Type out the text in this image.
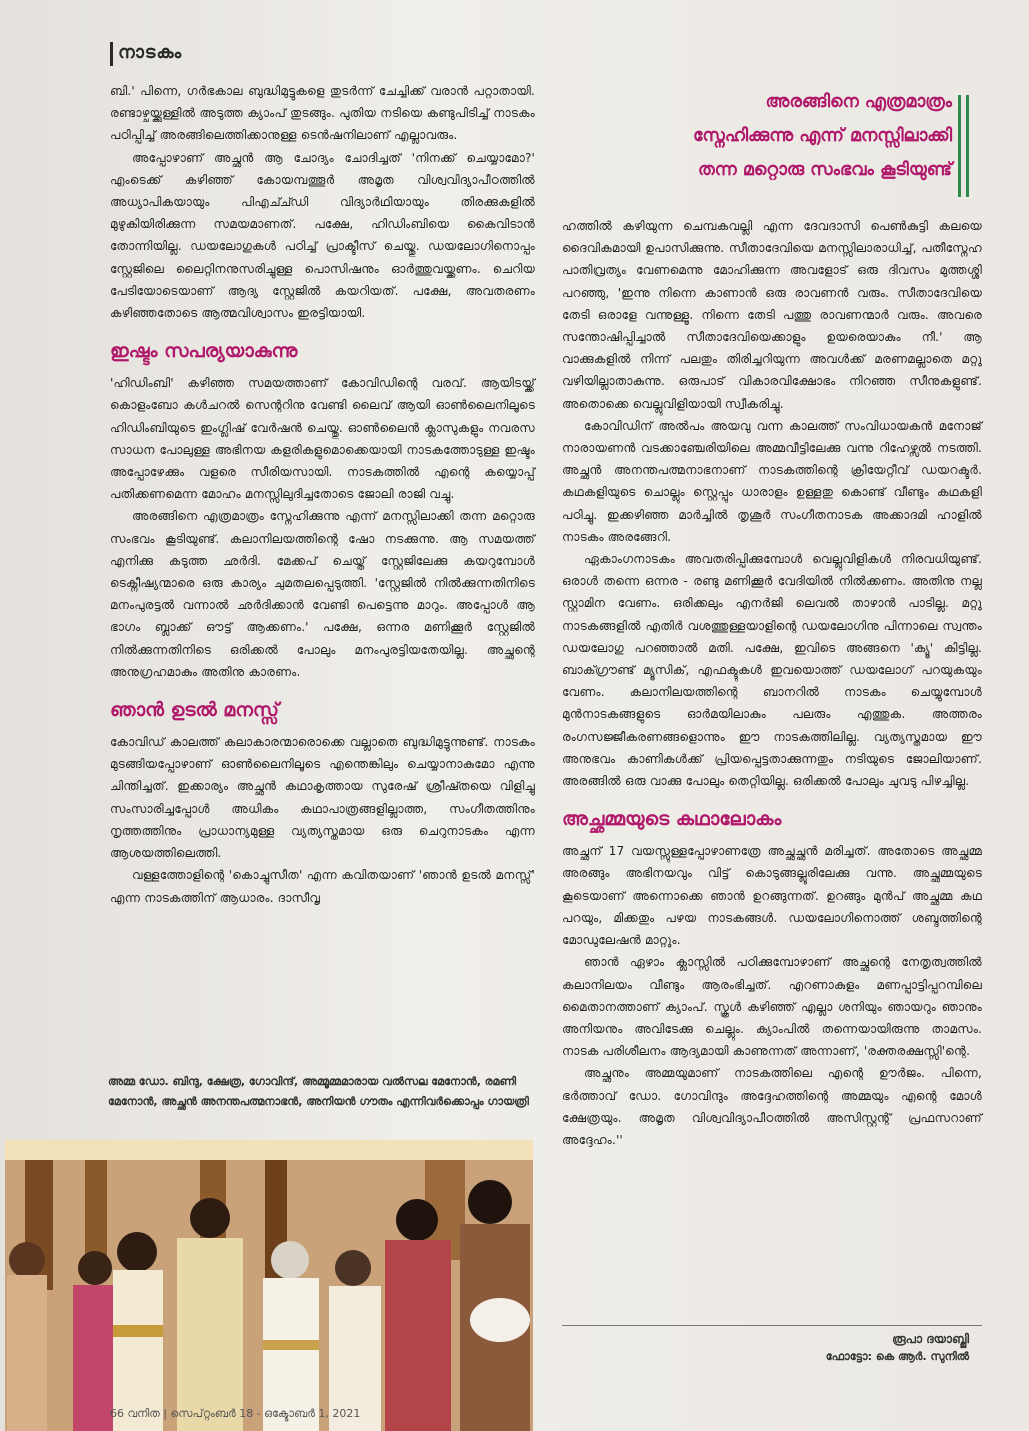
നാടകം
അരങ്ങിനെ എത്രമാത്രം
സ്നേഹിക്കുന്നു എന്ന് മനസ്സിലാക്കി
തന്ന മറ്റൊരു സംഭവം കൂടിയുണ്ട്

ബി.' പിന്നെ, ഗർഭകാല ബുദ്ധിമുട്ടുകളെ തുടർന്ന് ചേച്ചിക്ക് വരാൻ പറ്റാതായി. രണ്ടാഴ്ചയ്ക്കുള്ളിൽ അടുത്ത ക്യാംപ് തുടങ്ങും. പുതിയ നടിയെ കണ്ടുപിടിച്ച് നാടകം പഠിപ്പിച്ച് അരങ്ങിലെത്തിക്കാനുള്ള ടെൻഷനിലാണ് എല്ലാവരും.

അപ്പോഴാണ് അച്ഛൻ ആ ചോദ്യം ചോദിച്ചത് 'നിനക്ക് ചെയ്യാമോ?' എംടെക്ക് കഴിഞ്ഞ് കോയമ്പത്തൂർ അമൃത വിശ്വവിദ്യാപീഠത്തിൽ അധ്യാപികയായും പിഎച്ച്ഡി വിദ്യാർഥിയായും തിരക്കുകളിൽ മുഴുകിയിരിക്കുന്ന സമയമാണത്. പക്ഷേ, ഹിഡിംബിയെ കൈവിടാൻ തോന്നിയില്ല. ഡയലോഗുകൾ പഠിച്ച് പ്രാക്ടീസ് ചെയ്തു. ഡയലോഗിനൊപ്പം സ്റ്റേജിലെ ലൈറ്റിനനുസരിച്ചുള്ള പൊസിഷനും ഓർത്തുവയ്ക്കണം. ചെറിയ പേടിയോടെയാണ് ആദ്യ സ്റ്റേജിൽ കയറിയത്. പക്ഷേ, അവതരണം കഴിഞ്ഞതോടെ ആത്മവിശ്വാസം ഇരട്ടിയായി.

ഇഷ്ടം സപര്യയാകുന്നു

'ഹിഡിംബി' കഴിഞ്ഞ സമയത്താണ് കോവിഡിന്റെ വരവ്. ആയിടയ്ക്ക് കൊളംബോ കൾചറൽ സെന്ററിനു വേണ്ടി ലൈവ് ആയി ഓൺലൈനിലൂടെ ഹിഡിംബിയുടെ ഇംഗ്ലിഷ് വേർഷൻ ചെയ്തു. ഓൺലൈൻ ക്ലാസുകളും നവരസ സാധന പോലുള്ള അഭിനയ കളരികളുമൊക്കെയായി നാടകത്തോടുള്ള ഇഷ്ടം അപ്പോഴേക്കും വളരെ സീരിയസായി. നാടകത്തിൽ എന്റെ കയ്യൊപ്പ് പതിക്കണമെന്ന മോഹം മനസ്സിലുദിച്ചതോടെ ജോലി രാജി വച്ചു.

അരങ്ങിനെ എത്രമാത്രം സ്നേഹിക്കുന്നു എന്ന് മനസ്സിലാക്കി തന്ന മറ്റൊരു സംഭവം കൂടിയുണ്ട്. കലാനിലയത്തിന്റെ ഷോ നടക്കുന്നു. ആ സമയത്ത് എനിക്കു കടുത്ത ഛർദി. മേക്കപ് ചെയ്ത് സ്റ്റേജിലേക്കു കയറുമ്പോൾ ടെക്നീഷ്യന്മാരെ ഒരു കാര്യം ചുമതലപ്പെടുത്തി. 'സ്റ്റേജിൽ നിൽക്കുന്നതിനിടെ മനംപുരട്ടൽ വന്നാൽ ഛർദിക്കാൻ വേണ്ടി പെട്ടെന്നു മാറും. അപ്പോൾ ആ ഭാഗം ബ്ലാക്ക് ഔട്ട് ആക്കണം.' പക്ഷേ, ഒന്നര മണിക്കൂർ സ്റ്റേജിൽ നിൽക്കുന്നതിനിടെ ഒരിക്കൽ പോലും മനംപുരട്ടിയതേയില്ല. അച്ഛന്റെ അനുഗ്രഹമാകും അതിനു കാരണം.

ഞാൻ ഉടൽ മനസ്സ്

കോവിഡ് കാലത്ത് കലാകാരന്മാരൊക്കെ വല്ലാതെ ബുദ്ധിമുട്ടുന്നുണ്ട്. നാടകം മുടങ്ങിയപ്പോഴാണ് ഓൺലൈനിലൂടെ എന്തെങ്കിലും ചെയ്യാനാകുമോ എന്നു ചിന്തിച്ചത്. ഇക്കാര്യം അച്ഛൻ കഥാകൃത്തായ സുരേഷ് ശ്രീഷ്തയെ വിളിച്ചു സംസാരിച്ചപ്പോൾ അധികം കഥാപാത്രങ്ങളില്ലാത്ത, സംഗീതത്തിനും നൃത്തത്തിനും പ്രാധാന്യമുള്ള വ്യത്യസ്തമായ ഒരു ചെറുനാടകം എന്ന ആശയത്തിലെത്തി.

വള്ളത്തോളിന്റെ 'കൊച്ചുസീത' എന്ന കവിതയാണ് 'ഞാൻ ഉടൽ മനസ്സ്' എന്ന നാടകത്തിന് ആധാരം. ദാസീവൃ

അമ്മ ഡോ. ബിന്ദു, ക്ഷേത്ര, ഗോവിന്ദ്, അമ്മൂമ്മമാരായ വൽസല മേനോൻ, രമണി മേനോൻ, അച്ഛൻ അനന്തപത്മനാഭൻ, അനിയൻ ഗൗതം എന്നിവർക്കൊപ്പം ഗായത്രി
66 വനിത | സെപ്റ്റംബർ 18 - ഒക്ടോബർ 1, 2021

ഹത്തിൽ കഴിയുന്ന ചെമ്പകവല്ലി എന്ന ദേവദാസി പെൺകുട്ടി കലയെ ദൈവികമായി ഉപാസിക്കുന്നു. സീതാദേവിയെ മനസ്സിലാരാധിച്ച്, പതീസ്നേഹ പാതിവ്രത്യം വേണമെന്നു മോഹിക്കുന്ന അവളോട് ഒരു ദിവസം മുത്തശ്ശി പറഞ്ഞു, 'ഇന്നു നിന്നെ കാണാൻ ഒരു രാവണൻ വരും. സീതാദേവിയെ തേടി ഒരാളേ വന്നുള്ളൂ. നിന്നെ തേടി പത്തു രാവണന്മാർ വരും. അവരെ സന്തോഷിപ്പിച്ചാൽ സീതാദേവിയെക്കാളും ഉയരെയാകും നീ.' ആ വാക്കുകളിൽ നിന്ന് പലതും തിരിച്ചറിയുന്ന അവൾക്ക് മരണമല്ലാതെ മറ്റു വഴിയില്ലാതാകുന്നു. ഒരുപാട് വികാരവിക്ഷോഭം നിറഞ്ഞ സീനുകളുണ്ട്. അതൊക്കെ വെല്ലുവിളിയായി സ്വീകരിച്ചു.

കോവിഡിന് അൽപം അയവു വന്ന കാലത്ത് സംവിധായകൻ മനോജ് നാരായണൻ വടക്കാഞ്ചേരിയിലെ അമ്മവീട്ടിലേക്കു വന്നു റിഹേഴ്സൽ നടത്തി. അച്ഛൻ അനന്തപത്മനാഭനാണ് നാടകത്തിന്റെ ക്രിയേറ്റീവ് ഡയറക്ടർ. കഥകളിയുടെ ചൊല്ലും സ്റ്റെപ്പും ധാരാളം ഉള്ളതു കൊണ്ട് വീണ്ടും കഥകളി പഠിച്ചു. ഇക്കഴിഞ്ഞ മാർച്ചിൽ തൃശൂർ സംഗീതനാടക അക്കാദമി ഹാളിൽ നാടകം അരങ്ങേറി.

ഏകാംഗനാടകം അവതരിപ്പിക്കുമ്പോൾ വെല്ലുവിളികൾ നിരവധിയുണ്ട്. ഒരാൾ തന്നെ ഒന്നര - രണ്ടു മണിക്കൂർ വേദിയിൽ നിൽക്കണം. അതിനു നല്ല സ്റ്റാമിന വേണം. ഒരിക്കലും എനർജി ലെവൽ താഴാൻ പാടില്ല. മറ്റു നാടകങ്ങളിൽ എതിർ വശത്തുള്ളയാളിന്റെ ഡയലോഗിനു പിന്നാലെ സ്വന്തം ഡയലോഗു പറഞ്ഞാൽ മതി. പക്ഷേ, ഇവിടെ അങ്ങനെ 'ക്യൂ' കിട്ടില്ല. ബാക്ഗ്രൗണ്ട് മ്യൂസിക്, എഫക്ടുകൾ ഇവയൊത്ത് ഡയലോഗ് പറയുകയും വേണം. കലാനിലയത്തിന്റെ ബാനറിൽ നാടകം ചെയ്യുമ്പോൾ മുൻനാടകങ്ങളുടെ ഓർമയിലാകും പലരും എത്തുക. അത്തരം രംഗസജ്ജീകരണങ്ങളൊന്നും ഈ നാടകത്തിലില്ല. വ്യത്യസ്തമായ ഈ അനുഭവം കാണികൾക്ക് പ്രിയപ്പെട്ടതാക്കുന്നതും നടിയുടെ ജോലിയാണ്. അരങ്ങിൽ ഒരു വാക്കു പോലും തെറ്റിയില്ല. ഒരിക്കൽ പോലും ചുവടു പിഴച്ചില്ല.

അച്ഛമ്മയുടെ കഥാലോകം

അച്ഛന് 17 വയസ്സുള്ളപ്പോഴാണത്രേ അച്ഛച്ഛൻ മരിച്ചത്. അതോടെ അച്ഛമ്മ അരങ്ങും അഭിനയവും വിട്ട് കൊടുങ്ങല്ലൂരിലേക്കു വന്നു. അച്ഛമ്മയുടെ കൂടെയാണ് അന്നൊക്കെ ഞാൻ ഉറങ്ങുന്നത്. ഉറങ്ങും മുൻപ് അച്ഛമ്മ കഥ പറയും, മിക്കതും പഴയ നാടകങ്ങൾ. ഡയലോഗിനൊത്ത് ശബ്ദത്തിന്റെ മോഡുലേഷൻ മാറ്റും.

ഞാൻ ഏഴാം ക്ലാസ്സിൽ പഠിക്കുമ്പോഴാണ് അച്ഛന്റെ നേതൃത്വത്തിൽ കലാനിലയം വീണ്ടും ആരംഭിച്ചത്. എറണാകുളം മണപ്പാട്ടിപ്പറമ്പിലെ മൈതാനത്താണ് ക്യാംപ്. സ്കൂൾ കഴിഞ്ഞ് എല്ലാ ശനിയും ഞായറും ഞാനും അനിയനും അവിടേക്കു ചെല്ലും. ക്യാംപിൽ തന്നെയായിരുന്നു താമസം. നാടക പരിശീലനം ആദ്യമായി കാണുന്നത് അന്നാണ്, 'രക്തരക്ഷസ്സി'ന്റെ.

അച്ഛനും അമ്മയുമാണ് നാടകത്തിലെ എന്റെ ഊർജം. പിന്നെ, ഭർത്താവ് ഡോ. ഗോവിന്ദും അദ്ദേഹത്തിന്റെ അമ്മയും എന്റെ മോൾ ക്ഷേത്രയും. അമൃത വിശ്വവിദ്യാപീഠത്തിൽ അസിസ്റ്റന്റ് പ്രഫസറാണ് അദ്ദേഹം.''

രൂപാ ദയാബ്ജി
ഫോട്ടോ: കെ ആർ. സുനിൽ
